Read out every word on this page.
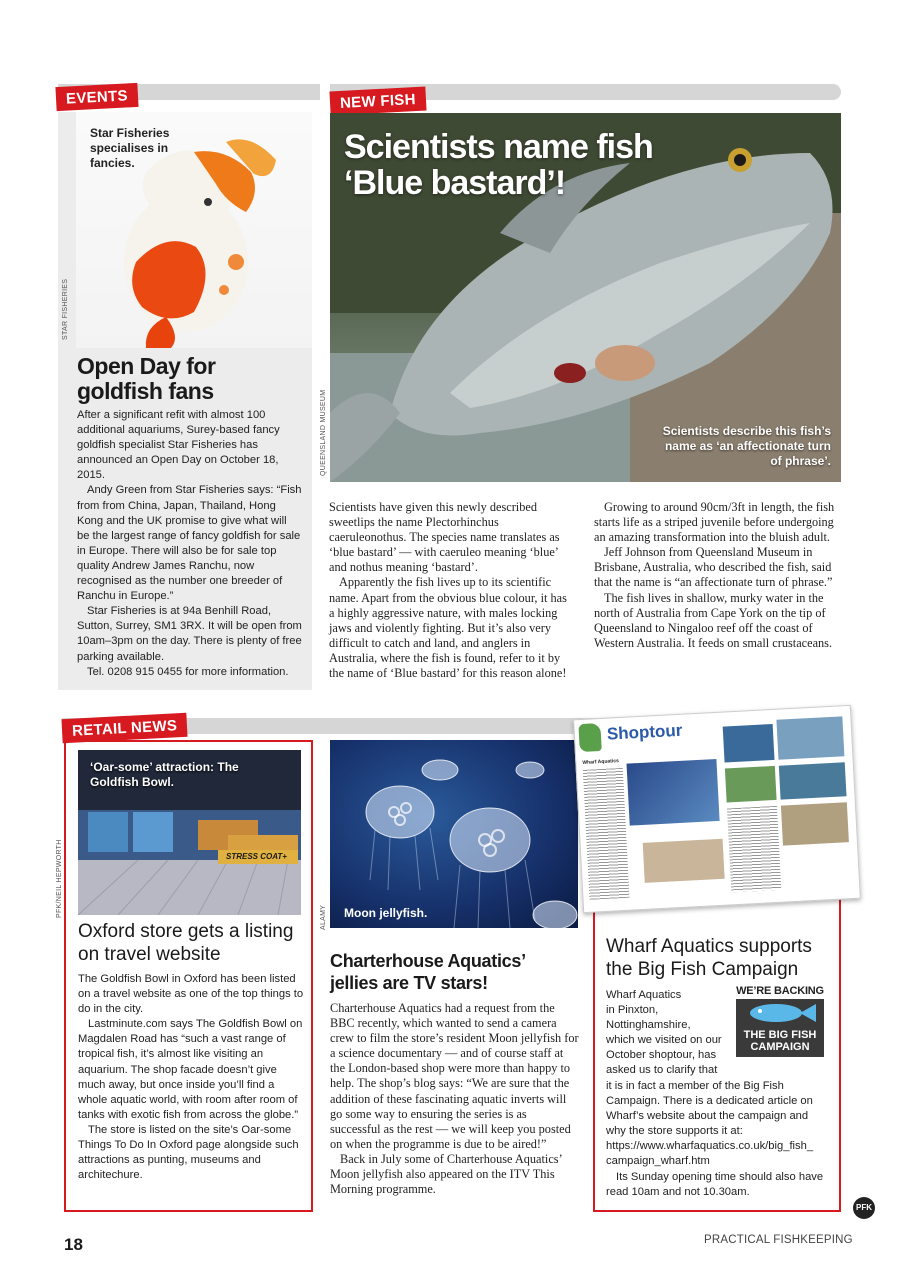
EVENTS
Star Fisheries specialises in fancies.
STAR FISHERIES
Open Day for goldfish fans

After a significant refit with almost 100 additional aquariums, Surey-based fancy goldfish specialist Star Fisheries has announced an Open Day on October 18, 2015.

Andy Green from Star Fisheries says: “Fish from from China, Japan, Thailand, Hong Kong and the UK promise to give what will be the largest range of fancy goldfish for sale in Europe. There will also be for sale top quality Andrew James Ranchu, now recognised as the number one breeder of Ranchu in Europe.”

Star Fisheries is at 94a Benhill Road, Sutton, Surrey, SM1 3RX. It will be open from 10am–3pm on the day. There is plenty of free parking available.

Tel. 0208 915 0455 for more information.

NEW FISH
Scientists name fish
‘Blue bastard’!
Scientists describe this fish’s name as ‘an affectionate turn of phrase’.
QUEENSLAND MUSEUM

Scientists have given this newly described sweetlips the name Plectorhinchus caeruleonothus. The species name translates as ‘blue bastard’ — with caeruleo meaning ‘blue’ and nothus meaning ‘bastard’.

Apparently the fish lives up to its scientific name. Apart from the obvious blue colour, it has a highly aggressive nature, with males locking jaws and violently fighting. But it’s also very difficult to catch and land, and anglers in Australia, where the fish is found, refer to it by the name of ‘Blue bastard’ for this reason alone!

Growing to around 90cm/3ft in length, the fish starts life as a striped juvenile before undergoing an amazing transformation into the bluish adult.

Jeff Johnson from Queensland Museum in Brisbane, Australia, who described the fish, said that the name is “an affectionate turn of phrase.”

The fish lives in shallow, murky water in the north of Australia from Cape York on the tip of Queensland to Ningaloo reef off the coast of Western Australia. It feeds on small crustaceans.

RETAIL NEWS
STRESS COAT+
‘Oar-some’ attraction: The Goldfish Bowl.
PFK/NEIL HEPWORTH
Oxford store gets a listing on travel website

The Goldfish Bowl in Oxford has been listed on a travel website as one of the top things to do in the city.

Lastminute.com says The Goldfish Bowl on Magdalen Road has “such a vast range of tropical fish, it’s almost like visiting an aquarium. The shop facade doesn’t give much away, but once inside you’ll find a whole aquatic world, with room after room of tanks with exotic fish from across the globe.”

The store is listed on the site’s Oar-some Things To Do In Oxford page alongside such attractions as punting, museums and architechure.

Moon jellyfish.
ALAMY
Charterhouse Aquatics’ jellies are TV stars!

Charterhouse Aquatics had a request from the BBC recently, which wanted to send a camera crew to film the store’s resident Moon jellyfish for a science documentary — and of course staff at the London-based shop were more than happy to help. The shop’s blog says: “We are sure that the addition of these fascinating aquatic inverts will go some way to ensuring the series is as successful as the rest — we will keep you posted on when the programme is due to be aired!”

Back in July some of Charterhouse Aquatics’ Moon jellyfish also appeared on the ITV This Morning programme.

Shoptour
Wharf Aquatics
Wharf Aquatics supports the Big Fish Campaign
WE’RE BACKING
THE BIG FISH
CAMPAIGN
Wharf Aquatics
in Pinxton,
Nottinghamshire,
which we visited on our
October shoptour, has
asked us to clarify that
it is in fact a member of the Big Fish Campaign. There is a dedicated article on Wharf’s website about the campaign and why the store supports it at:
https://www.wharfaquatics.co.uk/big_fish_
campaign_wharf.htm

Its Sunday opening time should also have read 10am and not 10.30am.

PFK
18	PRACTICAL FISHKEEPING
